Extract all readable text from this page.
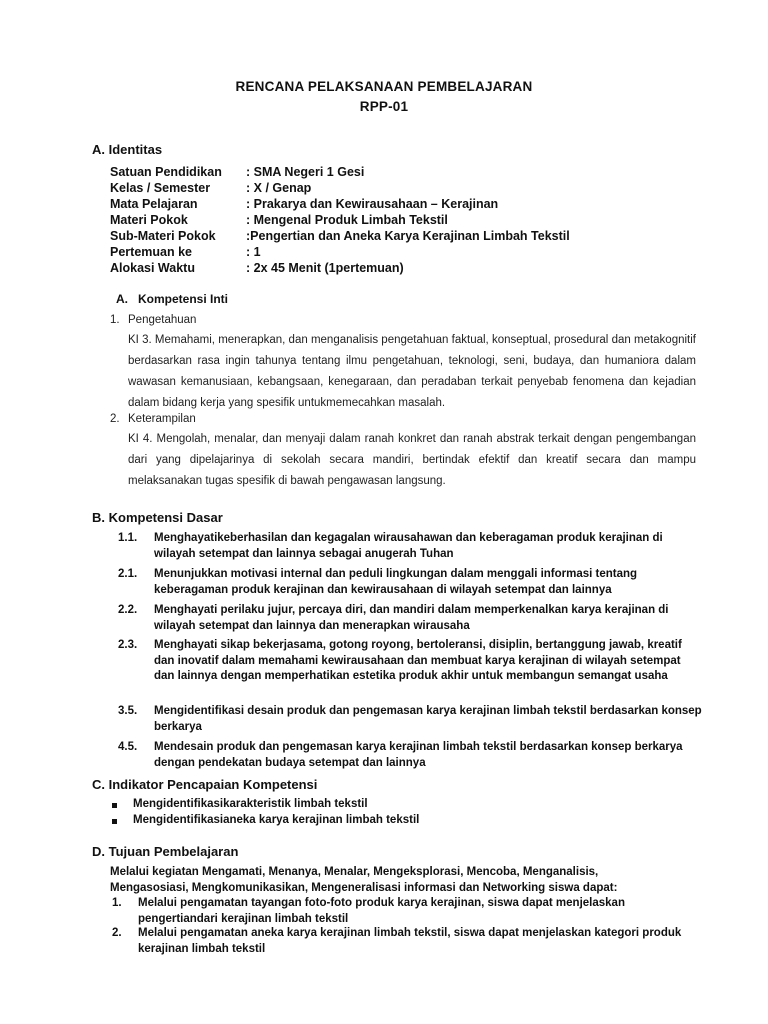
RENCANA PELAKSANAAN PEMBELAJARAN
RPP-01
A. Identitas
Satuan Pendidikan : SMA Negeri 1 Gesi
Kelas / Semester	: X / Genap
Mata Pelajaran	: Prakarya dan Kewirausahaan – Kerajinan
Materi Pokok	: Mengenal Produk Limbah Tekstil
Sub-Materi Pokok :Pengertian dan Aneka Karya Kerajinan Limbah Tekstil
Pertemuan ke	: 1
Alokasi Waktu	: 2x 45 Menit (1pertemuan)
A. Kompetensi Inti
1. Pengetahuan
KI 3. Memahami, menerapkan, dan menganalisis pengetahuan faktual, konseptual, prosedural dan metakognitif berdasarkan rasa ingin tahunya tentang ilmu pengetahuan, teknologi, seni, budaya, dan humaniora dalam wawasan kemanusiaan, kebangsaan, kenegaraan, dan peradaban terkait penyebab fenomena dan kejadian dalam bidang kerja yang spesifik untukmemecahkan masalah.
2. Keterampilan
KI 4. Mengolah, menalar, dan menyaji dalam ranah konkret dan ranah abstrak terkait dengan pengembangan dari yang dipelajarinya di sekolah secara mandiri, bertindak efektif dan kreatif secara dan mampu melaksanakan tugas spesifik di bawah pengawasan langsung.
B. Kompetensi Dasar
1.1. Menghayatikeberhasilan dan kegagalan wirausahawan dan keberagaman produk kerajinan di wilayah setempat dan lainnya sebagai anugerah Tuhan
2.1. Menunjukkan motivasi internal dan peduli lingkungan dalam menggali informasi tentang keberagaman produk kerajinan dan kewirausahaan di wilayah setempat dan lainnya
2.2. Menghayati perilaku jujur, percaya diri, dan mandiri dalam memperkenalkan karya kerajinan di wilayah setempat dan lainnya dan menerapkan wirausaha
2.3. Menghayati sikap bekerjasama, gotong royong, bertoleransi, disiplin, bertanggung jawab, kreatif dan inovatif dalam memahami kewirausahaan dan membuat karya kerajinan di wilayah setempat dan lainnya dengan memperhatikan estetika produk akhir untuk membangun semangat usaha
3.5. Mengidentifikasi desain produk dan pengemasan karya kerajinan limbah tekstil berdasarkan konsep berkarya
4.5. Mendesain produk dan pengemasan karya kerajinan limbah tekstil berdasarkan konsep berkarya dengan pendekatan budaya setempat dan lainnya
C. Indikator Pencapaian Kompetensi
Mengidentifikasikarakteristik limbah tekstil
Mengidentifikasianeka karya kerajinan limbah tekstil
D. Tujuan Pembelajaran
Melalui kegiatan Mengamati, Menanya, Menalar, Mengeksplorasi, Mencoba, Menganalisis, Mengasosiasi, Mengkomunikasikan, Mengeneralisasi informasi dan Networking siswa dapat:
1. Melalui pengamatan tayangan foto-foto produk karya kerajinan, siswa dapat menjelaskan pengertiandari kerajinan limbah tekstil
2. Melalui pengamatan aneka karya kerajinan limbah tekstil, siswa dapat menjelaskan kategori produk kerajinan limbah tekstil
